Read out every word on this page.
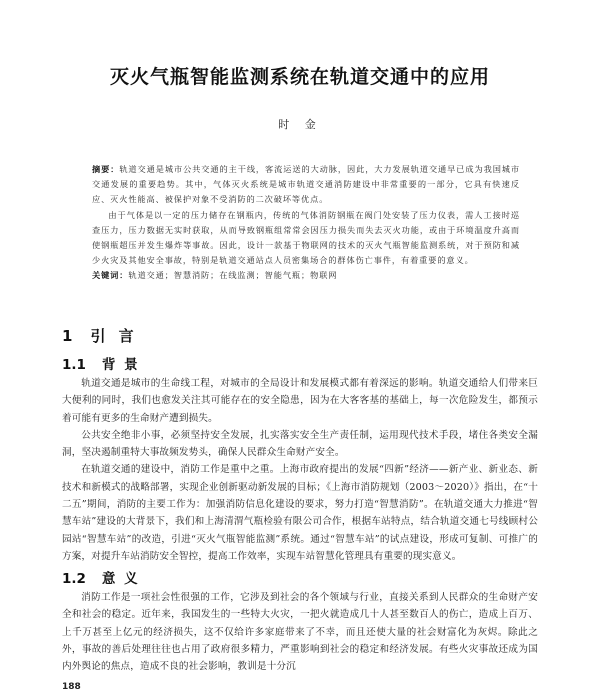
灭火气瓶智能监测系统在轨道交通中的应用
时 金

摘要：轨道交通是城市公共交通的主干线，客流运送的大动脉，因此，大力发展轨道交通早已成为我国城市交通发展的重要趋势。其中，气体灭火系统是城市轨道交通消防建设中非常重要的一部分，它具有快速反应、灭火性能高、被保护对象不受消防的二次破坏等优点。

由于气体是以一定的压力储存在钢瓶内，传统的气体消防钢瓶在阀门处安装了压力仪表，需人工接时巡查压力，压力数据无实时获取，从而导致钢瓶组常常会因压力损失而失去灭火功能，或由于环境温度升高而使钢瓶超压并发生爆炸等事故。因此，设计一款基于物联网的技术的灭火气瓶智能监测系统，对于预防和减少火灾及其他安全事故，特别是轨道交通站点人员密集场合的群体伤亡事件，有着重要的意义。

关键词：轨道交通；智慧消防；在线监测；智能气瓶；物联网

1 引 言
1.1 背 景

轨道交通是城市的生命线工程，对城市的全局设计和发展模式都有着深远的影响。轨道交通给人们带来巨大便利的同时，我们也愈发关注其可能存在的安全隐患，因为在大客客基的基础上，每一次危险发生，都预示着可能有更多的生命财产遭到损失。

公共安全绝非小事，必须坚持安全发展，扎实落实安全生产责任制，运用现代技术手段，堵住各类安全漏洞，坚决遏制重特大事故频发势头，确保人民群众生命财产安全。

在轨道交通的建设中，消防工作是重中之重。上海市政府提出的发展“四新”经济——新产业、新业态、新技术和新模式的战略部署，实现企业创新驱动新发展的目标；《上海市消防规划（2003～2020）》指出，在“十二五”期间，消防的主要工作为：加强消防信息化建设的要求，努力打造“智慧消防”。在轨道交通大力推进“智慧车站”建设的大背景下，我们和上海清渭气瓶检验有限公司合作，根据车站特点，结合轨道交通七号线顾村公园站“智慧车站”的改造，引进“灭火气瓶智能监测”系统。通过“智慧车站”的试点建设，形成可复制、可推广的方案，对提升车站消防安全智控，提高工作效率，实现车站智慧化管理具有重要的现实意义。

1.2 意 义

消防工作是一项社会性很强的工作，它涉及到社会的各个领域与行业，直接关系到人民群众的生命财产安全和社会的稳定。近年来，我国发生的一些特大火灾，一把火就造成几十人甚至数百人的伤亡，造成上百万、上千万甚至上亿元的经济损失，这不仅给许多家庭带来了不幸，而且还使大量的社会财富化为灰烬。除此之外，事故的善后处理往往也占用了政府很多精力，严重影响到社会的稳定和经济发展。有些火灾事故还成为国内外舆论的焦点，造成不良的社会影响，教训是十分沉

188
